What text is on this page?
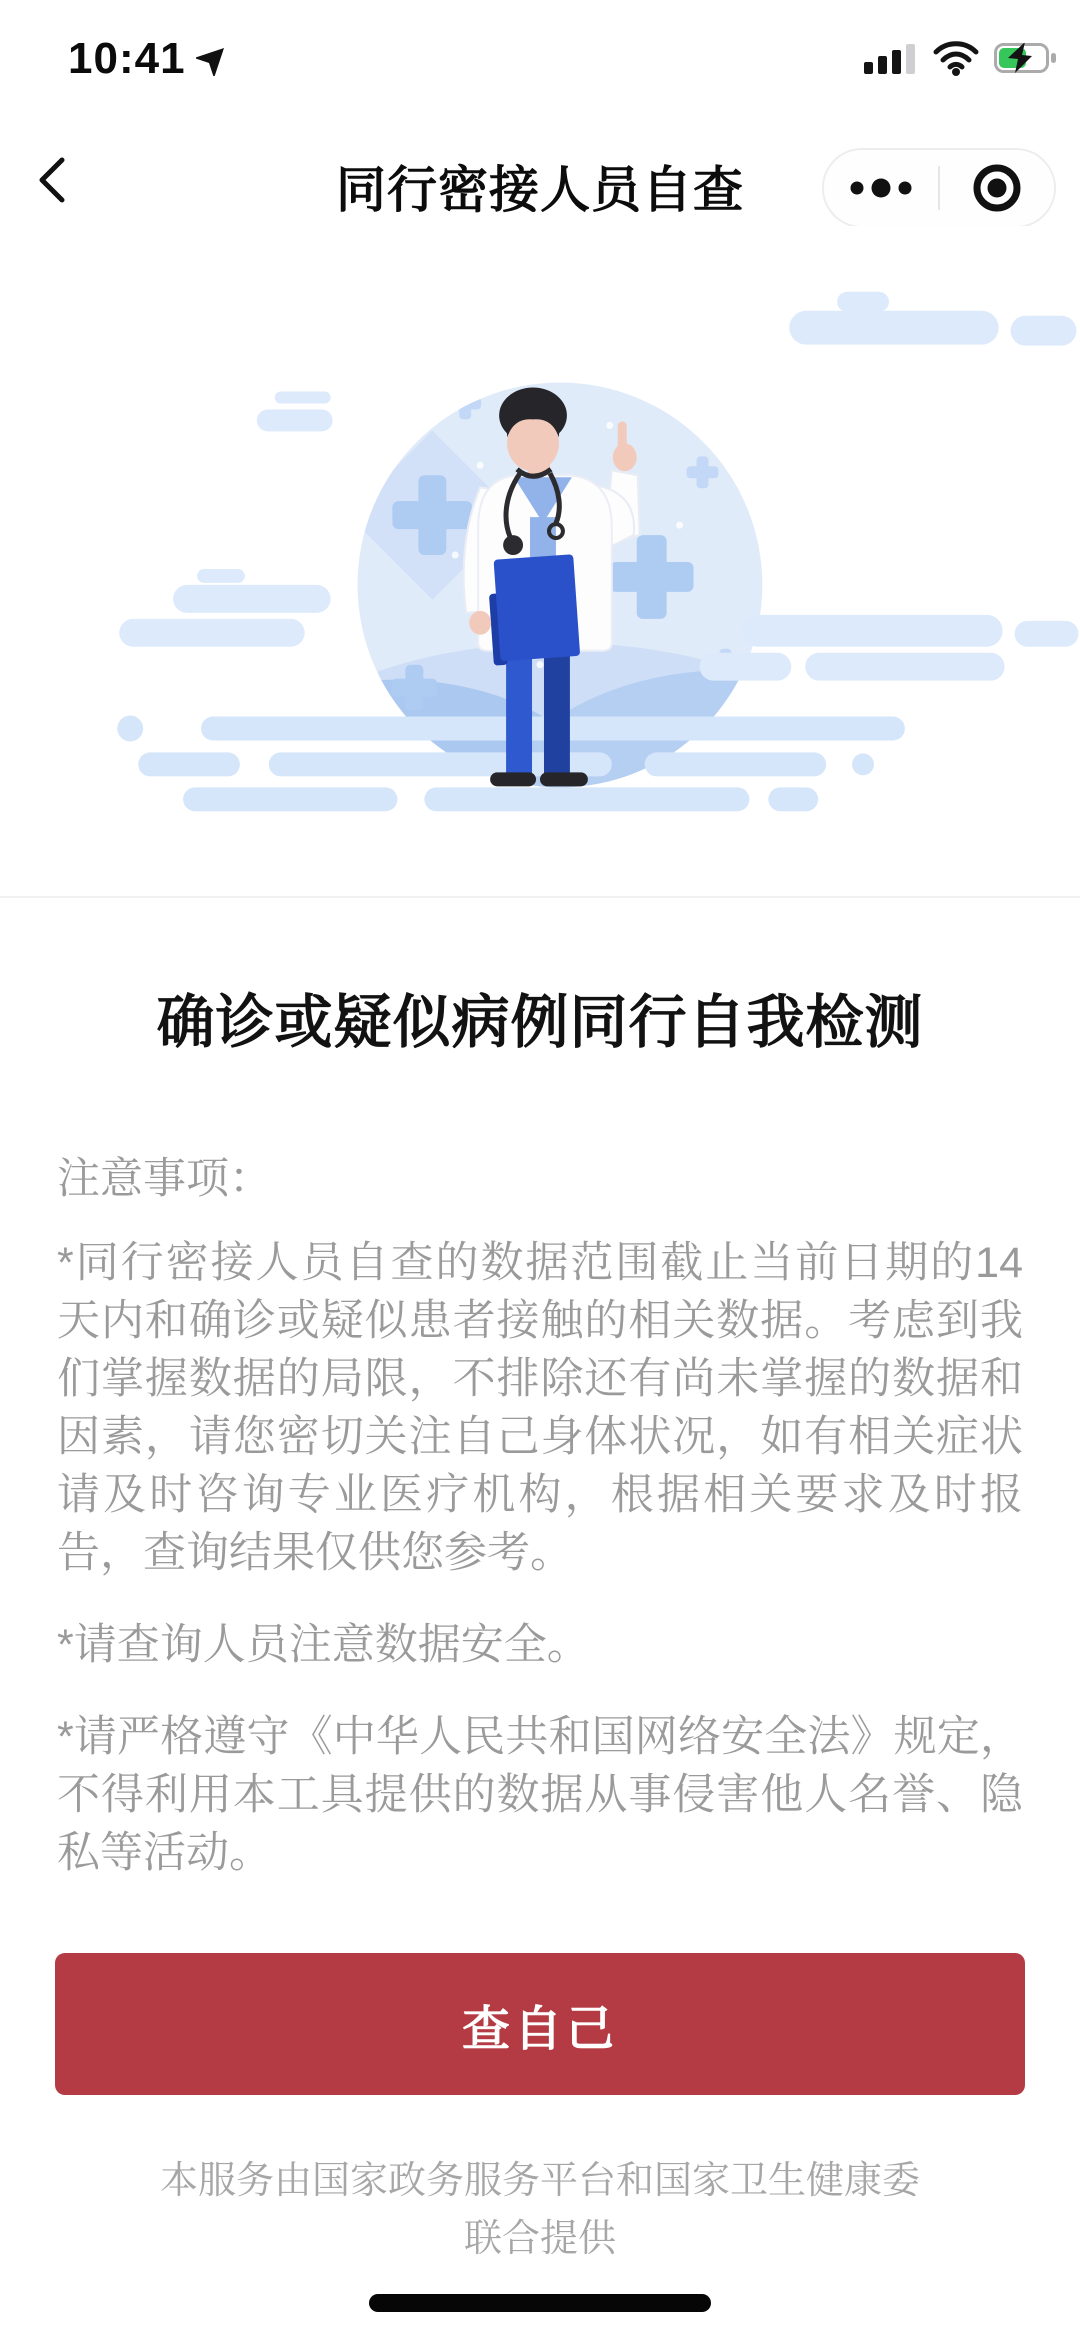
10:41
同行密接人员自查
确诊或疑似病例同行自我检测
注意事项：

*同行密接人员自查的数据范围截止当前日期的14天内和确诊或疑似患者接触的相关数据。考虑到我们掌握数据的局限，不排除还有尚未掌握的数据和因素，请您密切关注自己身体状况，如有相关症状请及时咨询专业医疗机构，根据相关要求及时报告，查询结果仅供您参考。

*请查询人员注意数据安全。

*请严格遵守《中华人民共和国网络安全法》规定，不得利用本工具提供的数据从事侵害他人名誉、隐私等活动。

查自己
本服务由国家政务服务平台和国家卫生健康委
联合提供
